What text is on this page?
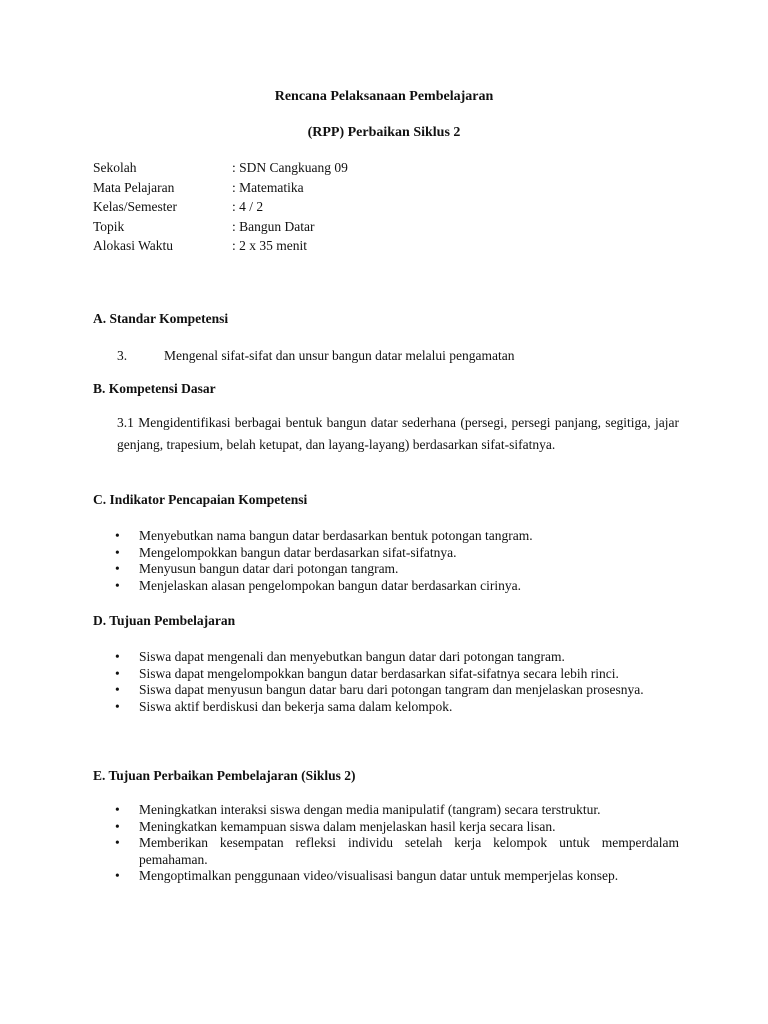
Rencana Pelaksanaan Pembelajaran
(RPP) Perbaikan Siklus 2
Sekolah	: SDN Cangkuang 09
Mata Pelajaran	: Matematika
Kelas/Semester	: 4 / 2
Topik	: Bangun Datar
Alokasi Waktu	: 2 x 35 menit
A. Standar Kompetensi
3.	Mengenal sifat-sifat dan unsur bangun datar melalui pengamatan
B. Kompetensi Dasar
3.1 Mengidentifikasi berbagai bentuk bangun datar sederhana (persegi, persegi panjang, segitiga, jajar genjang, trapesium, belah ketupat, dan layang-layang) berdasarkan sifat-sifatnya.
C. Indikator Pencapaian Kompetensi
• Menyebutkan nama bangun datar berdasarkan bentuk potongan tangram.
• Mengelompokkan bangun datar berdasarkan sifat-sifatnya.
• Menyusun bangun datar dari potongan tangram.
• Menjelaskan alasan pengelompokan bangun datar berdasarkan cirinya.
D. Tujuan Pembelajaran
• Siswa dapat mengenali dan menyebutkan bangun datar dari potongan tangram.
• Siswa dapat mengelompokkan bangun datar berdasarkan sifat-sifatnya secara lebih rinci.
• Siswa dapat menyusun bangun datar baru dari potongan tangram dan menjelaskan prosesnya.
• Siswa aktif berdiskusi dan bekerja sama dalam kelompok.
E. Tujuan Perbaikan Pembelajaran (Siklus 2)
• Meningkatkan interaksi siswa dengan media manipulatif (tangram) secara terstruktur.
• Meningkatkan kemampuan siswa dalam menjelaskan hasil kerja secara lisan.
• Memberikan kesempatan refleksi individu setelah kerja kelompok untuk memperdalam pemahaman.
• Mengoptimalkan penggunaan video/visualisasi bangun datar untuk memperjelas konsep.
